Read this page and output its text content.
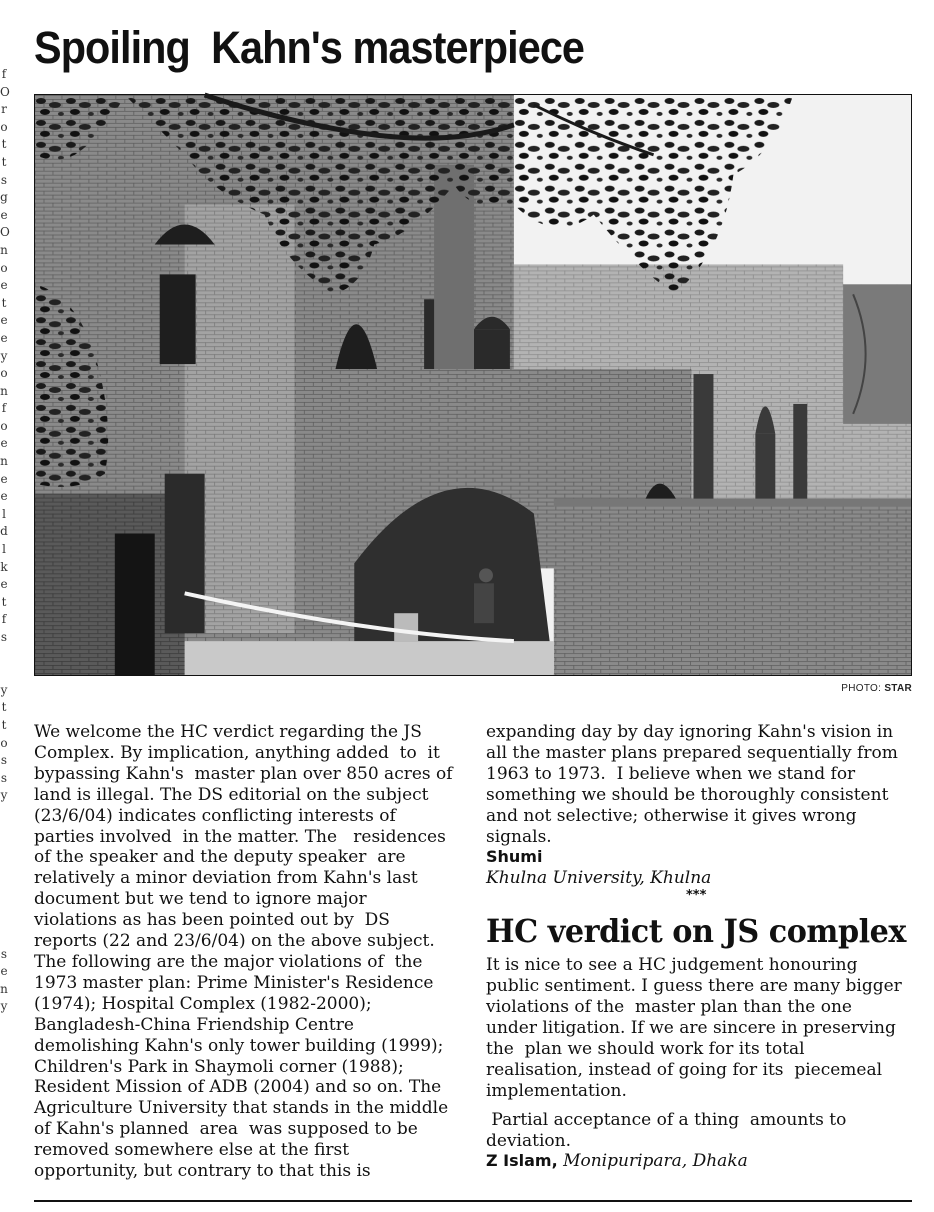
Spoiling  Kahn's masterpiece
f
O
r
o
t
t
s
g
e
O
n
o
e
t
e
e
y
o
n
f
o
e
n
e
e
l
d
l
k
e
t
f
s
y
t
t
o
s
s
y
s
e
n
y
PHOTO: STAR
We welcome the HC verdict regarding the JS
Complex. By implication, anything added  to  it
bypassing Kahn's  master plan over 850 acres of
land is illegal. The DS editorial on the subject
(23/6/04) indicates conflicting interests of
parties involved  in the matter. The   residences
of the speaker and the deputy speaker  are
relatively a minor deviation from Kahn's last
document but we tend to ignore major
violations as has been pointed out by  DS
reports (22 and 23/6/04) on the above subject.
The following are the major violations of  the
1973 master plan: Prime Minister's Residence
(1974); Hospital Complex (1982-2000);
Bangladesh-China Friendship Centre
demolishing Kahn's only tower building (1999);
Children's Park in Shaymoli corner (1988);
Resident Mission of ADB (2004) and so on. The
Agriculture University that stands in the middle
of Kahn's planned  area  was supposed to be
removed somewhere else at the first
opportunity, but contrary to that this is
expanding day by day ignoring Kahn's vision in
all the master plans prepared sequentially from
1963 to 1973.  I believe when we stand for
something we should be thoroughly consistent
and not selective; otherwise it gives wrong
signals.
Shumi
Khulna University, Khulna
***
HC verdict on JS complex
It is nice to see a HC judgement honouring
public sentiment. I guess there are many bigger
violations of the  master plan than the one
under litigation. If we are sincere in preserving
the  plan we should work for its total
realisation, instead of going for its  piecemeal
implementation.
Partial acceptance of a thing  amounts to
deviation.
Z Islam, Monipuripara, Dhaka
